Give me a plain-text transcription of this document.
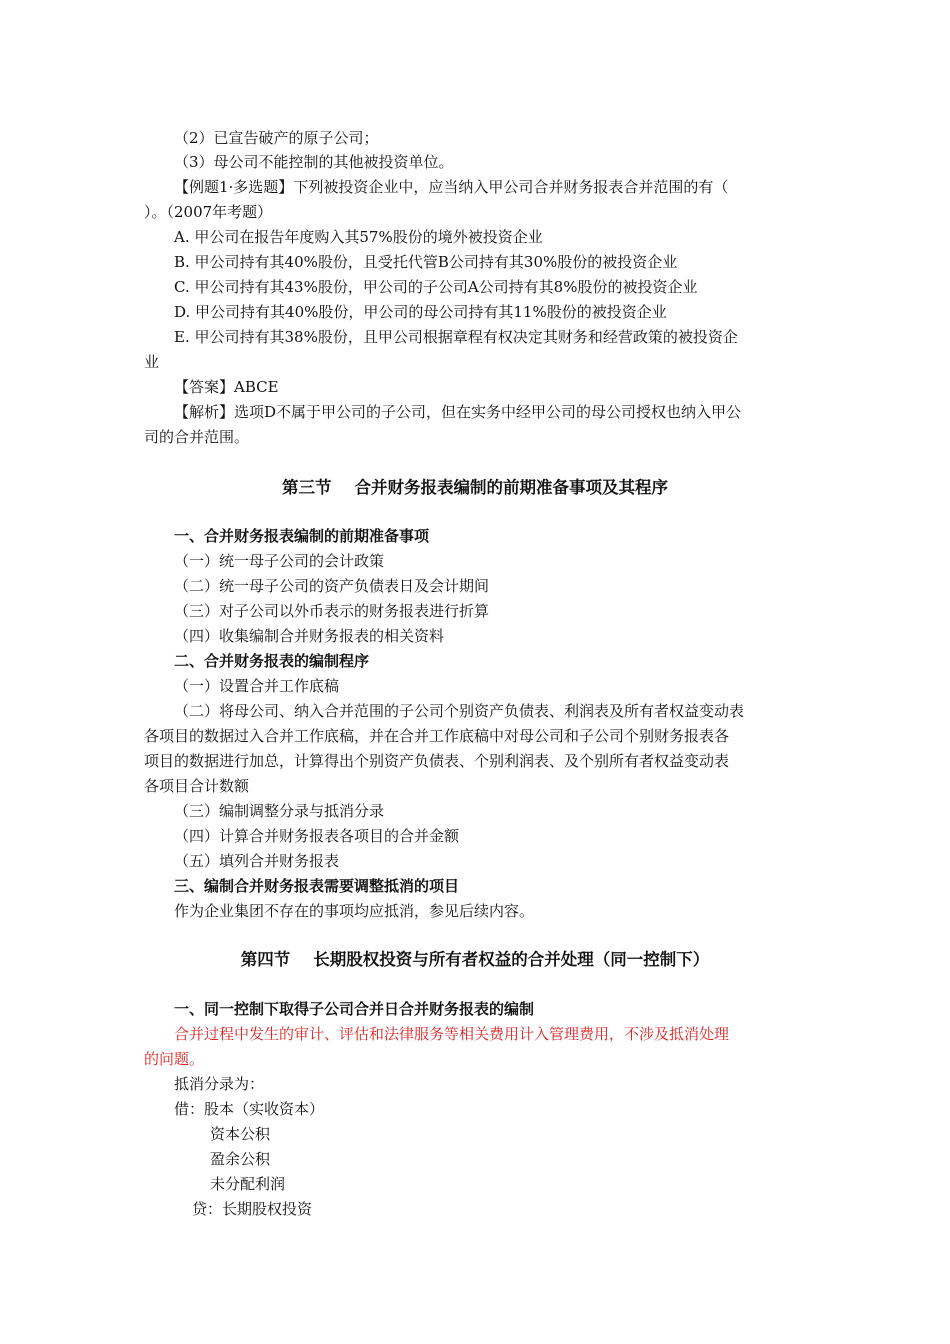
（2）已宣告破产的原子公司；
（3）母公司不能控制的其他被投资单位。
【例题1·多选题】下列被投资企业中，应当纳入甲公司合并财务报表合并范围的有（
）。（2007年考题）
A. 甲公司在报告年度购入其57%股份的境外被投资企业
B. 甲公司持有其40%股份，且受托代管B公司持有其30%股份的被投资企业
C. 甲公司持有其43%股份，甲公司的子公司A公司持有其8%股份的被投资企业
D. 甲公司持有其40%股份，甲公司的母公司持有其11%股份的被投资企业
E. 甲公司持有其38%股份，且甲公司根据章程有权决定其财务和经营政策的被投资企
业
【答案】ABCE
【解析】选项D不属于甲公司的子公司，但在实务中经甲公司的母公司授权也纳入甲公
司的合并范围。
第三节    合并财务报表编制的前期准备事项及其程序
一、合并财务报表编制的前期准备事项
（一）统一母子公司的会计政策
（二）统一母子公司的资产负债表日及会计期间
（三）对子公司以外币表示的财务报表进行折算
（四）收集编制合并财务报表的相关资料
二、合并财务报表的编制程序
（一）设置合并工作底稿
（二）将母公司、纳入合并范围的子公司个别资产负债表、利润表及所有者权益变动表
各项目的数据过入合并工作底稿，并在合并工作底稿中对母公司和子公司个别财务报表各
项目的数据进行加总，计算得出个别资产负债表、个别利润表、及个别所有者权益变动表
各项目合计数额
（三）编制调整分录与抵消分录
（四）计算合并财务报表各项目的合并金额
（五）填列合并财务报表
三、编制合并财务报表需要调整抵消的项目
作为企业集团不存在的事项均应抵消，参见后续内容。
第四节    长期股权投资与所有者权益的合并处理（同一控制下）
一、同一控制下取得子公司合并日合并财务报表的编制
合并过程中发生的审计、评估和法律服务等相关费用计入管理费用，不涉及抵消处理
的问题。
抵消分录为：
借：股本（实收资本）
资本公积
盈余公积
未分配利润
贷：长期股权投资
